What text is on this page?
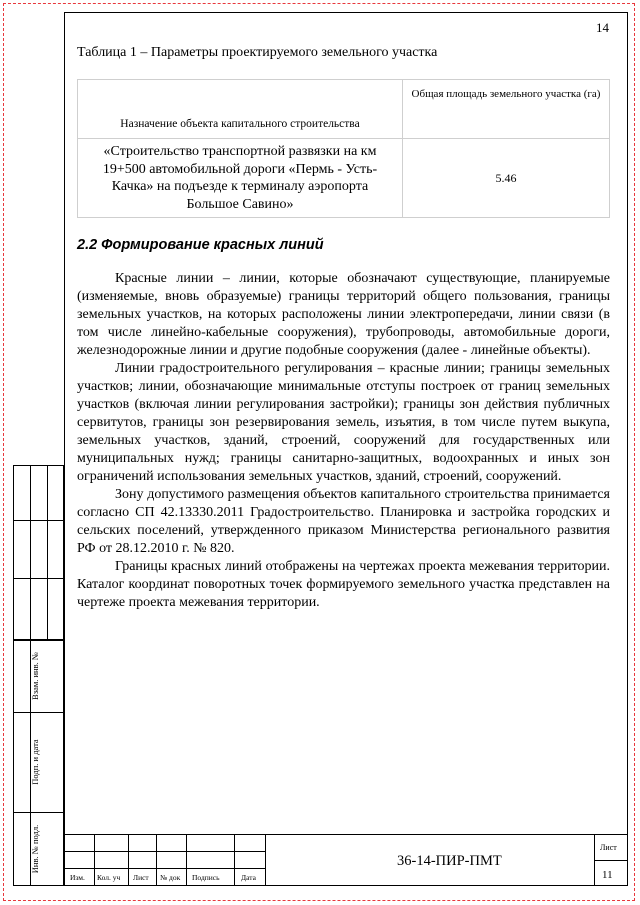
14
Таблица 1 – Параметры проектируемого земельного участка
Назначение объекта капитального строительства	Общая площадь земельного участка (га)

«Строительство транспортной развязки на км 19+500 автомобильной дороги «Пермь - Усть-Качка» на подъезде к терминалу аэропорта Большое Савино»	5.46
2.2 Формирование красных линий

Красные линии – линии, которые обозначают существующие, планируемые (изменяемые, вновь образуемые) границы территорий общего пользования, границы земельных участков, на которых расположены линии электропередачи, линии связи (в том числе линейно-кабельные сооружения), трубопроводы, автомобильные дороги, железнодорожные линии и другие подобные сооружения (далее - линейные объекты).

Линии градостроительного регулирования – красные линии; границы земельных участков; линии, обозначающие минимальные отступы построек от границ земельных участков (включая линии регулирования застройки); границы зон действия публичных сервитутов, границы зон резервирования земель, изъятия, в том числе путем выкупа, земельных участков, зданий, строений, сооружений для государственных или муниципальных нужд; границы санитарно-защитных, водоохранных и иных зон ограничений использования земельных участков, зданий, строений, сооружений.

Зону допустимого размещения объектов капитального строительства принимается согласно СП 42.13330.2011 Градостроительство. Планировка и застройка городских и сельских поселений, утвержденного приказом Министерства регионального развития РФ от 28.12.2010 г. № 820.

Границы красных линий отображены на чертежах проекта межевания территории. Каталог координат поворотных точек формируемого земельного участка представлен на чертеже проекта межевания территории.

Взам. инв. №
Подп. и дата
Инв. № подл.
Изм. Кол. уч Лист № док Подпись	Дата
36-14-ПИР-ПМТ
Лист
11
